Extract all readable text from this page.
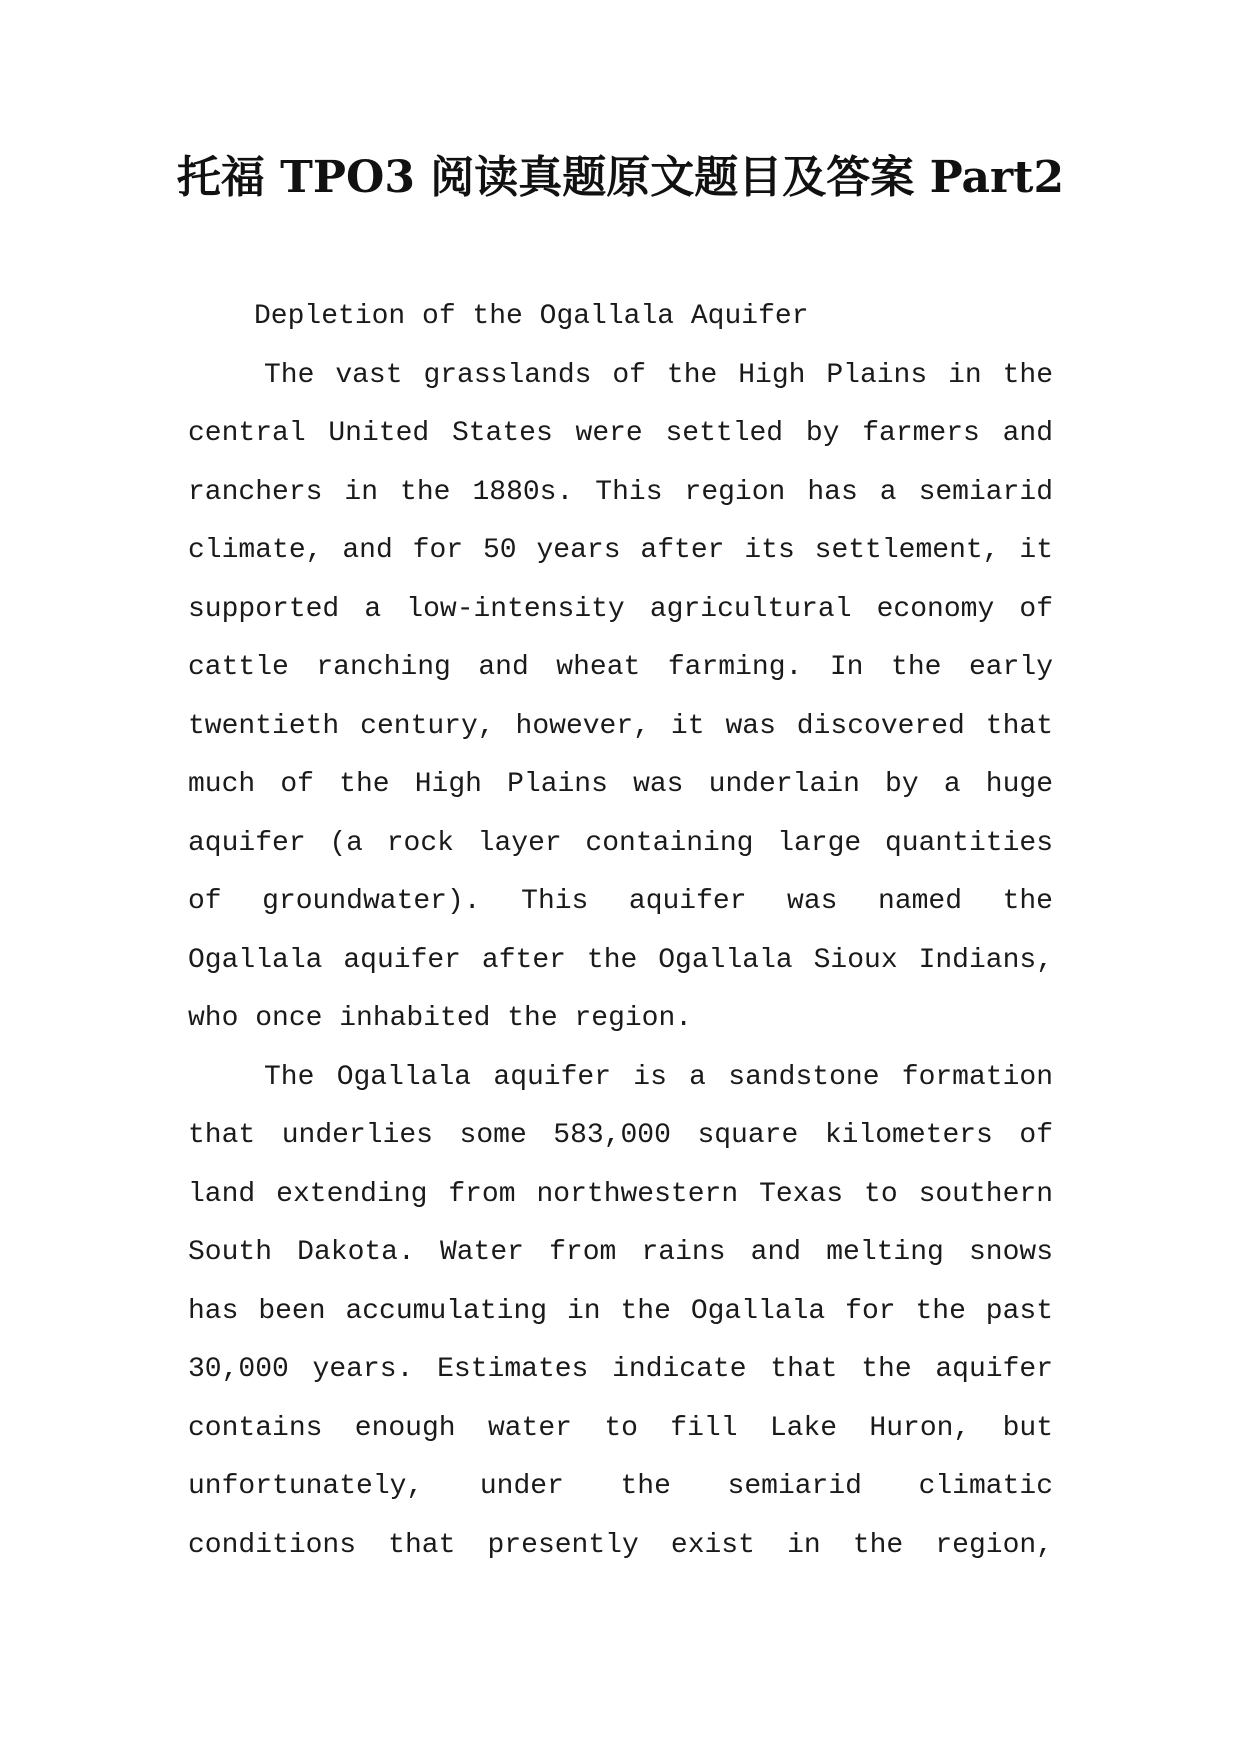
托福 TPO3 阅读真题原文题目及答案 Part2

Depletion of the Ogallala Aquifer

The vast grasslands of the High Plains in the central United States were settled by farmers and ranchers in the 1880s. This region has a semiarid climate, and for 50 years after its settlement, it supported a low-intensity agricultural economy of cattle ranching and wheat farming. In the early twentieth century, however, it was discovered that much of the High Plains was underlain by a huge aquifer (a rock layer containing large quantities of groundwater). This aquifer was named the Ogallala aquifer after the Ogallala Sioux Indians, who once inhabited the region.

The Ogallala aquifer is a sandstone formation that underlies some 583,000 square kilometers of land extending from northwestern Texas to southern South Dakota. Water from rains and melting snows has been accumulating in the Ogallala for the past 30,000 years. Estimates indicate that the aquifer contains enough water to fill Lake Huron, but unfortunately, under the semiarid climatic conditions that presently exist in the region,
